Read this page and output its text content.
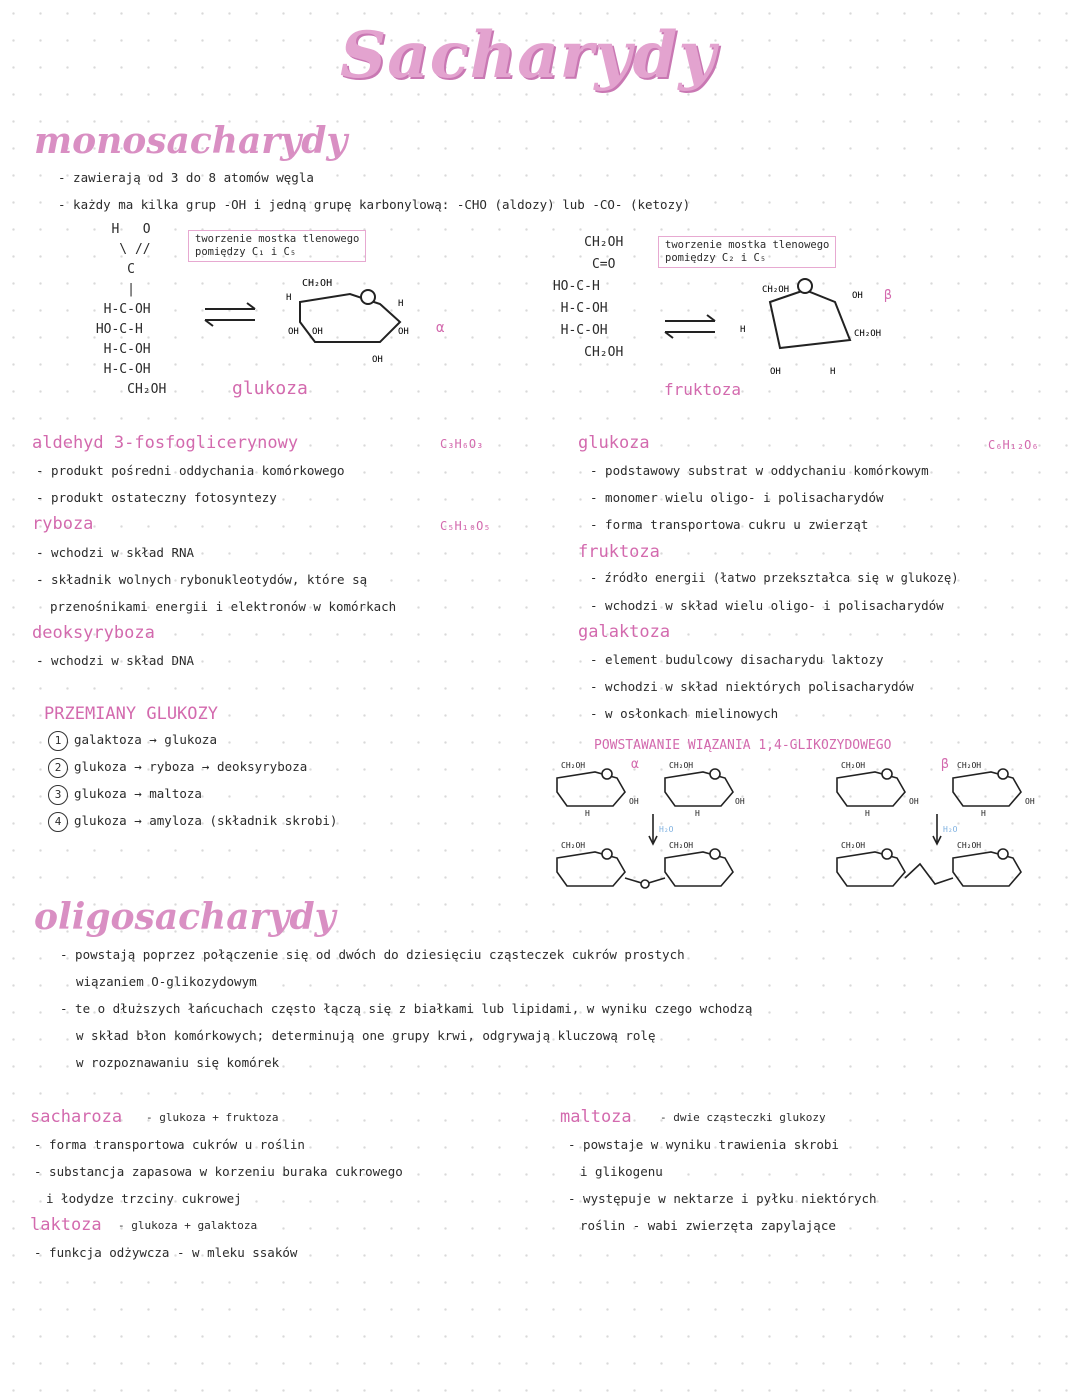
Sacharydy
monosacharydy
- zawierają od 3 do 8 atomów węgla
- każdy ma kilka grup -OH i jedną grupę karbonylową: -CHO (aldozy) lub -CO- (ketozy)
H   O
\ //
C
|
H-C-OH
HO-C-H
H-C-OH
H-C-OH
CH₂OH
tworzenie mostka tlenowego
pomiędzy C₁ i C₅
CH₂OH
OH OH	OH
OH
H
H
α
glukoza
CH₂OH
C=O
HO-C-H
H-C-OH
H-C-OH
CH₂OH
tworzenie mostka tlenowego
pomiędzy C₂ i C₅
CH₂OH
OH
CH₂OH
OH	H
H
β
fruktoza
aldehyd 3-fosfoglicerynowy	C₃H₆O₃
- produkt pośredni oddychania komórkowego
- produkt ostateczny fotosyntezy
ryboza	C₅H₁₀O₅
- wchodzi w skład RNA
- składnik wolnych rybonukleotydów, które są
przenośnikami energii i elektronów w komórkach
deoksyryboza
- wchodzi w skład DNA
PRZEMIANY GLUKOZY
1 galaktoza → glukoza
2 glukoza → ryboza → deoksyryboza
3 glukoza → maltoza
4 glukoza → amyloza (składnik skrobi)
glukoza	C₆H₁₂O₆
- podstawowy substrat w oddychaniu komórkowym
- monomer wielu oligo- i polisacharydów
- forma transportowa cukru u zwierząt
fruktoza
- źródło energii (łatwo przekształca się w glukozę)
- wchodzi w skład wielu oligo- i polisacharydów
galaktoza
- element budulcowy disacharydu laktozy
- wchodzi w skład niektórych polisacharydów
- w osłonkach mielinowych
POWSTAWANIE WIĄZANIA 1,4-GLIKOZYDOWEGO
CH₂OH	CH₂OH
CH₂OH	CH₂OH
CH₂OH	CH₂OH
CH₂OH	CH₂OH
OH	OH	OH	OH
H	H	H	H
H₂O	H₂O
α	β
oligosacharydy
- powstają poprzez połączenie się od dwóch do dziesięciu cząsteczek cukrów prostych
wiązaniem O-glikozydowym
- te o dłuższych łańcuchach często łączą się z białkami lub lipidami, w wyniku czego wchodzą
w skład błon komórkowych; determinują one grupy krwi, odgrywają kluczową rolę
w rozpoznawaniu się komórek
sacharoza - glukoza + fruktoza
- forma transportowa cukrów u roślin
- substancja zapasowa w korzeniu buraka cukrowego
i łodydze trzciny cukrowej
laktoza - glukoza + galaktoza
- funkcja odżywcza - w mleku ssaków
maltoza	- dwie cząsteczki glukozy
- powstaje w wyniku trawienia skrobi
i glikogenu
- występuje w nektarze i pyłku niektórych
roślin - wabi zwierzęta zapylające
